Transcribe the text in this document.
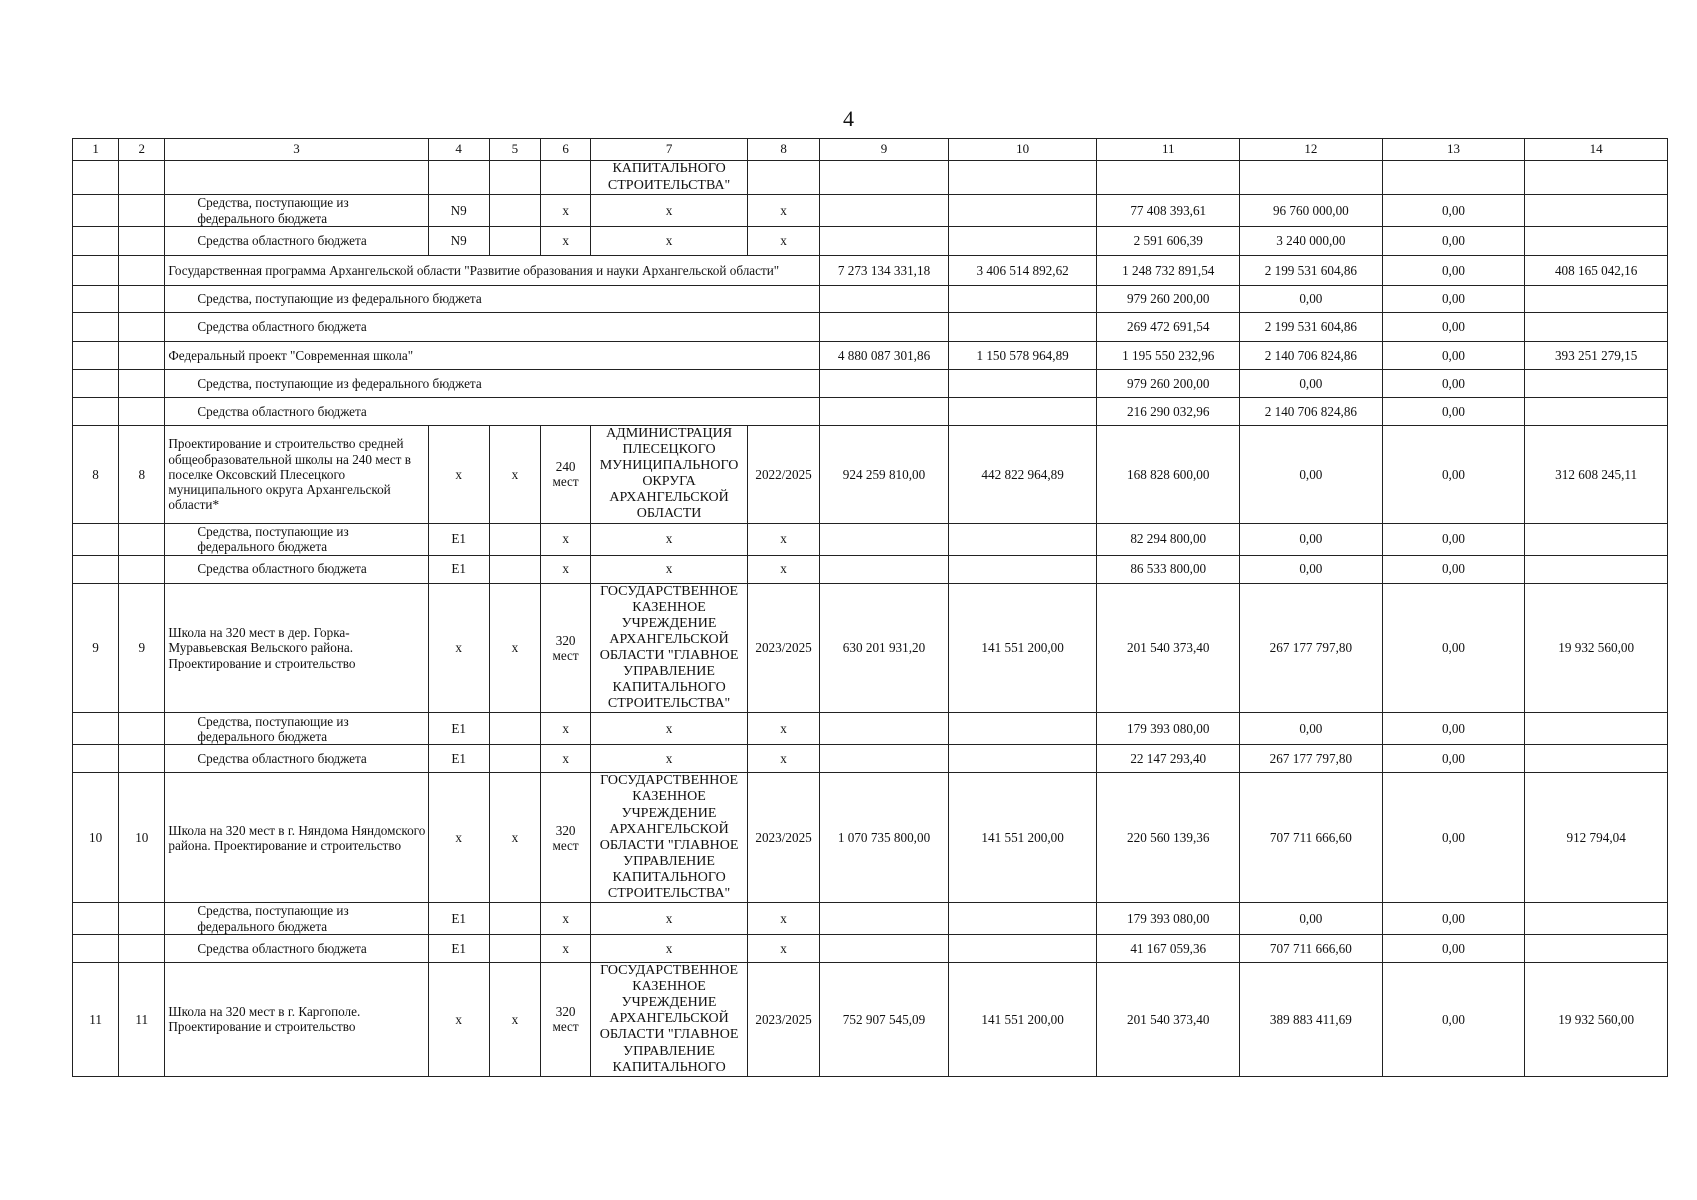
4
1	2	3	4	5	6	7	8	9	10	11	12	13	14
						КАПИТАЛЬНОГО СТРОИТЕЛЬСТВА"							
		Средства, поступающие из федерального бюджета	N9		x	x	x			77 408 393,61	96 760 000,00	0,00	
		Средства областного бюджета	N9		x	x	x			2 591 606,39	3 240 000,00	0,00	
		Государственная программа Архангельской области "Развитие образования и науки Архангельской области"						7 273 134 331,18	3 406 514 892,62	1 248 732 891,54	2 199 531 604,86	0,00	408 165 042,16
		Средства, поступающие из федерального бюджета								979 260 200,00	0,00	0,00	
		Средства областного бюджета								269 472 691,54	2 199 531 604,86	0,00	
		Федеральный проект "Современная школа"						4 880 087 301,86	1 150 578 964,89	1 195 550 232,96	2 140 706 824,86	0,00	393 251 279,15
		Средства, поступающие из федерального бюджета								979 260 200,00	0,00	0,00	
		Средства областного бюджета								216 290 032,96	2 140 706 824,86	0,00	
8	8	Проектирование и строительство средней общеобразовательной школы на 240 мест в поселке Оксовский Плесецкого муниципального округа Архангельской области*	x	x	240 мест	АДМИНИСТРАЦИЯ ПЛЕСЕЦКОГО МУНИЦИПАЛЬНОГО ОКРУГА АРХАНГЕЛЬСКОЙ ОБЛАСТИ	2022/2025	924 259 810,00	442 822 964,89	168 828 600,00	0,00	0,00	312 608 245,11
		Средства, поступающие из федерального бюджета	E1		x	x	x			82 294 800,00	0,00	0,00	
		Средства областного бюджета	E1		x	x	x			86 533 800,00	0,00	0,00	
9	9	Школа на 320 мест в дер. Горка-Муравьевская Вельского района. Проектирование и строительство	x	x	320 мест	ГОСУДАРСТВЕННОЕ КАЗЕННОЕ УЧРЕЖДЕНИЕ АРХАНГЕЛЬСКОЙ ОБЛАСТИ "ГЛАВНОЕ УПРАВЛЕНИЕ КАПИТАЛЬНОГО СТРОИТЕЛЬСТВА"	2023/2025	630 201 931,20	141 551 200,00	201 540 373,40	267 177 797,80	0,00	19 932 560,00
		Средства, поступающие из федерального бюджета	E1		x	x	x			179 393 080,00	0,00	0,00	
		Средства областного бюджета	E1		x	x	x			22 147 293,40	267 177 797,80	0,00	
10	10	Школа на 320 мест в г. Няндома Няндомского района. Проектирование и строительство	x	x	320 мест	ГОСУДАРСТВЕННОЕ КАЗЕННОЕ УЧРЕЖДЕНИЕ АРХАНГЕЛЬСКОЙ ОБЛАСТИ "ГЛАВНОЕ УПРАВЛЕНИЕ КАПИТАЛЬНОГО СТРОИТЕЛЬСТВА"	2023/2025	1 070 735 800,00	141 551 200,00	220 560 139,36	707 711 666,60	0,00	912 794,04
		Средства, поступающие из федерального бюджета	E1		x	x	x			179 393 080,00	0,00	0,00	
		Средства областного бюджета	E1		x	x	x			41 167 059,36	707 711 666,60	0,00	
11	11	Школа на 320 мест в г. Каргополе. Проектирование и строительство	x	x	320 мест	ГОСУДАРСТВЕННОЕ КАЗЕННОЕ УЧРЕЖДЕНИЕ АРХАНГЕЛЬСКОЙ ОБЛАСТИ "ГЛАВНОЕ УПРАВЛЕНИЕ КАПИТАЛЬНОГО	2023/2025	752 907 545,09	141 551 200,00	201 540 373,40	389 883 411,69	0,00	19 932 560,00
